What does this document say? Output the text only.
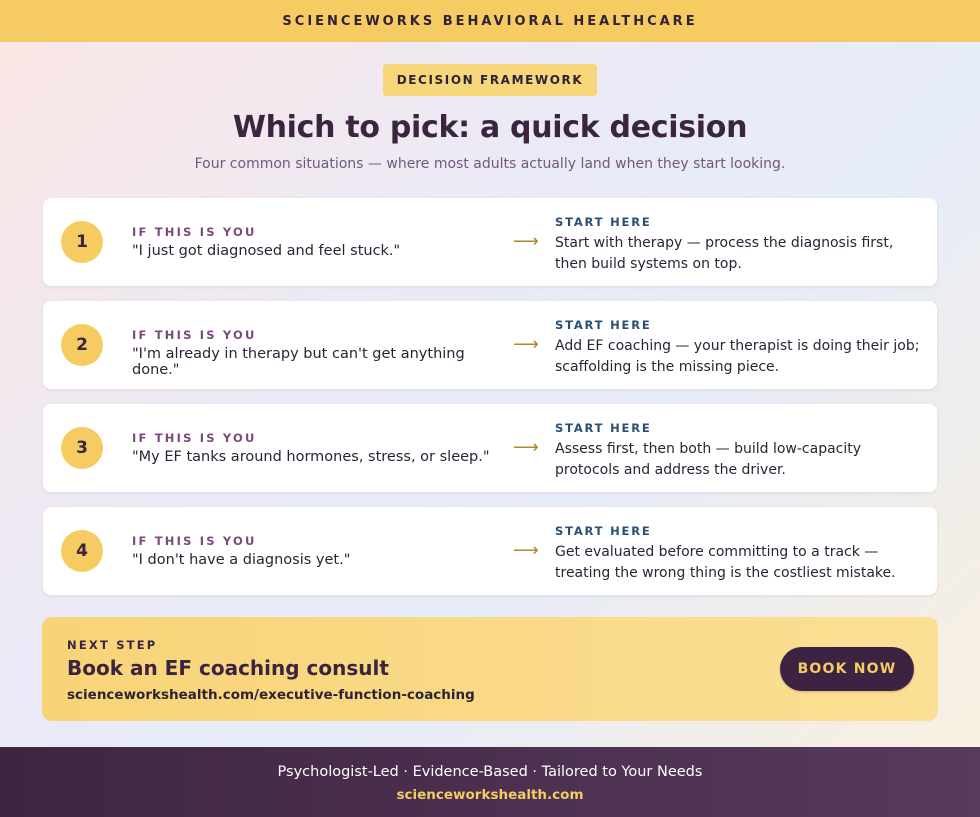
SCIENCEWORKS BEHAVIORAL HEALTHCARE
DECISION FRAMEWORK
Which to pick: a quick decision

Four common situations — where most adults actually land when they start looking.

1	IF THIS IS YOU
"I just got diagnosed and feel stuck."	⟶
START HERE
Start with therapy — process the diagnosis first, then build systems on top.
2	IF THIS IS YOU
"I'm already in therapy but can't get anything done."
⟶
START HERE
Add EF coaching — your therapist is doing their job; scaffolding is the missing piece.
3	IF THIS IS YOU
"My EF tanks around hormones, stress, or sleep."	⟶
START HERE
Assess first, then both — build low-capacity protocols and address the driver.
4	IF THIS IS YOU
"I don't have a diagnosis yet."	⟶
START HERE
Get evaluated before committing to a track — treating the wrong thing is the costliest mistake.
NEXT STEP
Book an EF coaching consult
scienceworkshealth.com/executive-function-coaching
BOOK NOW
Psychologist-Led · Evidence-Based · Tailored to Your Needs
scienceworkshealth.com
